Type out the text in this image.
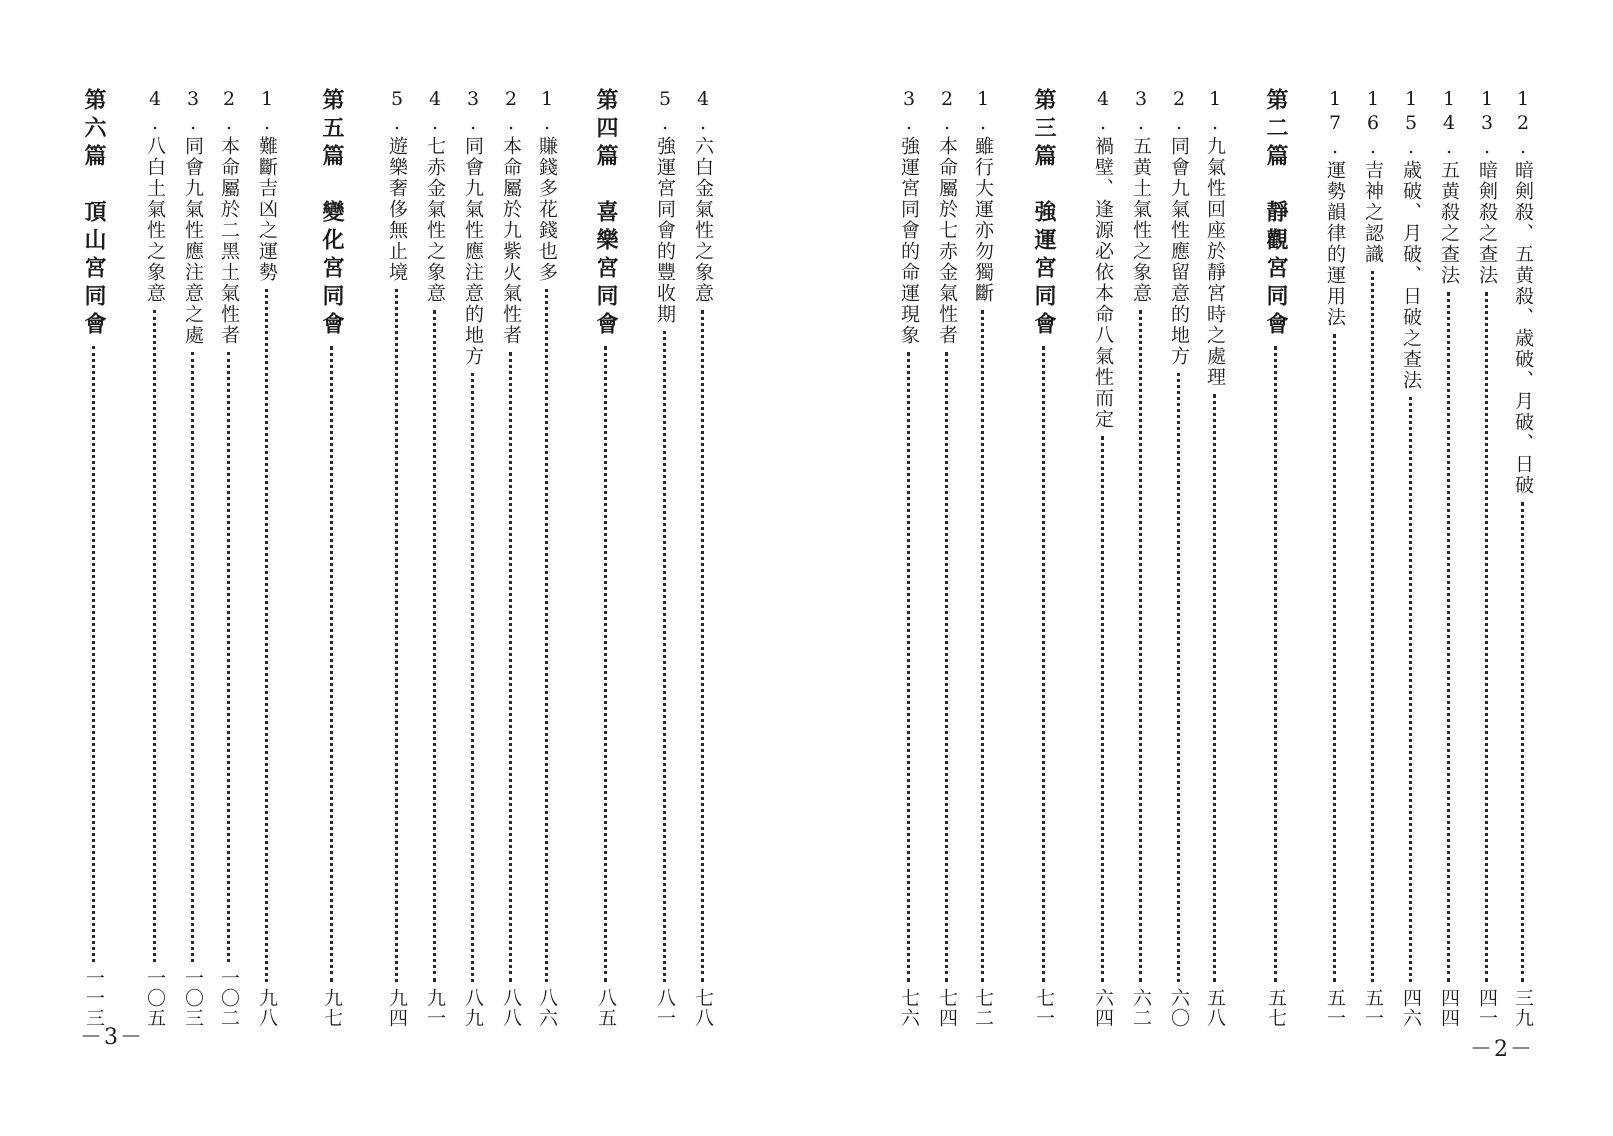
4.六白金氣性之象意
七八
5.強運宮同會的豐收期
八一
第四篇　喜樂宮同會
八五
1.賺錢多花錢也多
八六
2.本命屬於九紫火氣性者
八八
3.同會九氣性應注意的地方
八九
4.七赤金氣性之象意
九一
5.遊樂奢侈無止境
九四
第五篇　變化宮同會
九七
1.難斷吉凶之運勢
九八
2.本命屬於二黑土氣性者
一〇二
3.同會九氣性應注意之處
一〇三
4.八白土氣性之象意
一〇五
第六篇　頂山宮同會
一一三
－3－
12.暗剣殺、五黄殺、歳破、月破、日破
三九
13.暗剣殺之查法
四一
14.五黄殺之查法
四四
15.歳破、月破、日破之查法
四六
16.吉神之認識
五一
17.運勢韻律的運用法
五一
第二篇　靜觀宮同會
五七
1.九氣性回座於靜宮時之處理
五八
2.同會九氣性應留意的地方
六〇
3.五黄土氣性之象意
六二
4.禍壁、逢源必依本命八氣性而定
六四
第三篇　強運宮同會
七一
1.雖行大運亦勿獨斷
七二
2.本命屬於七赤金氣性者
七四
3.強運宮同會的命運現象
七六
－2－
